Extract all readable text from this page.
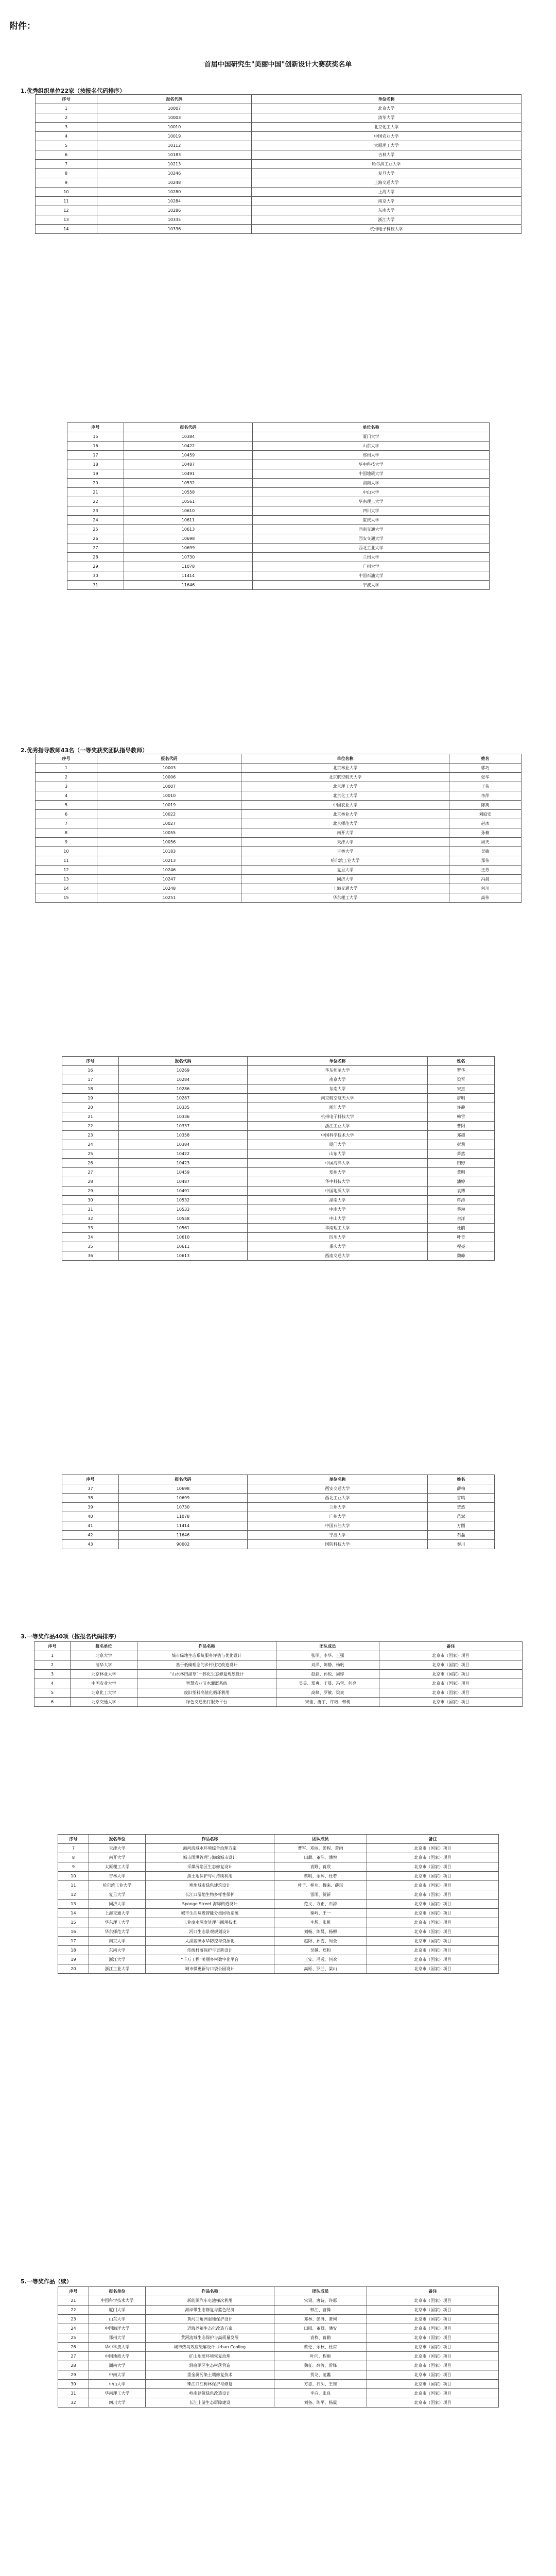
附件：
首届中国研究生"美丽中国"创新设计大赛获奖名单
1.优秀组织单位22家（按报名代码排序）
序号	报名代码	单位名称
1	10007	北京大学
2	10003	清华大学
3	10010	北京化工大学
4	10019	中国农业大学
5	10112	太原理工大学
6	10183	吉林大学
7	10213	哈尔滨工业大学
8	10246	复旦大学
9	10248	上海交通大学
10	10280	上海大学
11	10284	南京大学
12	10286	东南大学
13	10335	浙江大学
14	10336	杭州电子科技大学
序号	报名代码	单位名称
15	10384	厦门大学
16	10422	山东大学
17	10459	郑州大学
18	10487	华中科技大学
19	10491	中国地质大学
20	10532	湖南大学
21	10558	中山大学
22	10561	华南理工大学
23	10610	四川大学
24	10611	重庆大学
25	10613	西南交通大学
26	10698	西安交通大学
27	10699	西北工业大学
28	10730	兰州大学
29	11078	广州大学
30	11414	中国石油大学
31	11646	宁波大学
2.优秀指导教师43名（一等奖获奖团队指导教师）
序号	报名代码	单位名称	姓名
1	10003	北京林业大学	郭巧
2	10006	北京航空航天大学	张华
3	10007	北京理工大学	王伟
4	10010	北京化工大学	李萍
5	10019	中国农业大学	陈英
6	10022	北京林业大学	刘庭安
7	10027	北京师范大学	赵冰
8	10055	南开大学	孙楠
9	10056	天津大学	周天
10	10183	吉林大学	吴敏
11	10213	哈尔滨工业大学	郑伟
12	10246	复旦大学	王芳
13	10247	同济大学	冯晨
14	10248	上海交通大学	何川
15	10251	华东理工大学	高伟
序号	报名代码	单位名称	姓名
16	10269	华东师范大学	罗华
17	10284	南京大学	梁军
18	10286	东南大学	宋杰
19	10287	南京航空航天大学	唐明
20	10335	浙江大学	许静
21	10336	杭州电子科技大学	韩雪
22	10337	浙江工业大学	曹阳
23	10358	中国科学技术大学	邓超
24	10384	厦门大学	彭莉
25	10422	山东大学	萧然
26	10423	中国海洋大学	田野
27	10459	郑州大学	董明
28	10487	华中科技大学	潘婷
29	10491	中国地质大学	袁博
30	10532	湖南大学	蒋涛
31	10533	中南大学	蔡琳
32	10558	中山大学	余洋
33	10561	华南理工大学	杜鹃
34	10610	四川大学	叶青
35	10611	重庆大学	程亮
36	10613	西南交通大学	魏峰
序号	报名代码	单位名称	姓名
37	10698	西安交通大学	薛梅
38	10699	西北工业大学	雷鸣
39	10730	兰州大学	贺然
40	11078	广州大学	范斌
41	11414	中国石油大学	方圆
42	11646	宁波大学	石磊
43	90002	国防科技大学	秦川
3.一等奖作品40项（按报名代码排序）
序号	报名单位	作品名称	团队成员	备注
1	北京大学	城市绿地生态系统服务评估与优化设计	张明、李华、王强	北京市（国家）项目
2	清华大学	基于低碳理念的乡村住宅改造设计	刘洋、陈静、杨帆	北京市（国家）项目
3	北京林业大学	“山水林田湖草”一体化生态修复规划设计	赵磊、孙悦、周婷	北京市（国家）项目
4	中国农业大学	智慧农业节水灌溉系统	吴昊、郑爽、王晨、冯雪、何亮	北京市（国家）项目
5	北京化工大学	废旧塑料高值化循环利用	高峰、罗敏、梁爽	北京市（国家）项目
6	北京交通大学	绿色交通出行服务平台	宋佳、唐宇、许诺、韩梅	北京市（国家）项目
序号	报名单位	作品名称	团队成员	备注
7	天津大学	海河流域水环境综合治理方案	曹军、邓丽、彭程、萧雨	北京市（国家）项目
8	南开大学	城市雨洪管理与海绵城市设计	田甜、董浩、潘悦	北京市（国家）项目
9	太原理工大学	采煤沉陷区生态修复设计	袁野、蒋欣	北京市（国家）项目
10	吉林大学	黑土地保护与可持续利用	蔡明、余晖、杜若	北京市（国家）项目
11	哈尔滨工业大学	寒地城市绿色建筑设计	叶子、程功、魏来、薛琪	北京市（国家）项目
12	复旦大学	长江口湿地生物多样性保护	雷雨、贺新	北京市（国家）项目
13	同济大学	Sponge Street 海绵街道设计	范文、方正、石涛	北京市（国家）项目
14	上海交通大学	城市生活垃圾智能分类回收系统	秦岭、王一	北京市（国家）项目
15	华东理工大学	工业废水深度处理与回用技术	李想、张帆	北京市（国家）项目
16	华东师范大学	河口生态景观规划设计	刘畅、陈晨、杨柳	北京市（国家）项目
17	南京大学	太湖蓝藻水华防控与资源化	赵阳、孙雯、周全	北京市（国家）项目
18	东南大学	传统村落保护与更新设计	吴越、郑和	北京市（国家）项目
19	浙江大学	“千万工程”美丽乡村数字化平台	王安、冯远、何欢	北京市（国家）项目
20	浙江工业大学	城市微更新与口袋公园设计	高原、罗兰、梁山	北京市（国家）项目
5.一等奖作品（续）
序号	报名单位	作品名称	团队成员	备注
21	中国科学技术大学	新能源汽车电池梯次利用	宋词、唐诗、许愿	北京市（国家）项目
22	厦门大学	海岸带生态修复与蓝色经济	韩江、曹操	北京市（国家）项目
23	山东大学	黄河三角洲湿地保护设计	邓林、彭湃、萧何	北京市（国家）项目
24	中国海洋大学	近海养殖生态化改造方案	田园、董卿、潘安	北京市（国家）项目
25	郑州大学	黄河流域生态保护与高质量发展	袁枚、蒋勤	北京市（国家）项目
26	华中科技大学	城市热岛效应缓解设计 Urban Cooling	蔡伦、余秋、杜甫	北京市（国家）项目
27	中国地质大学	矿山地质环境恢复治理	叶问、程颐	北京市（国家）项目
28	湖南大学	洞庭湖区生态村落营造	魏征、薛涛、雷锋	北京市（国家）项目
29	中南大学	重金属污染土壤修复技术	贺龙、范蠡	北京市（国家）项目
30	中山大学	珠江口红树林保护与修复	方志、石头、王维	北京市（国家）项目
31	华南理工大学	岭南建筑绿色改造设计	李白、张良	北京市（国家）项目
32	四川大学	长江上游生态屏障建设	刘备、陈平、杨震	北京市（国家）项目
